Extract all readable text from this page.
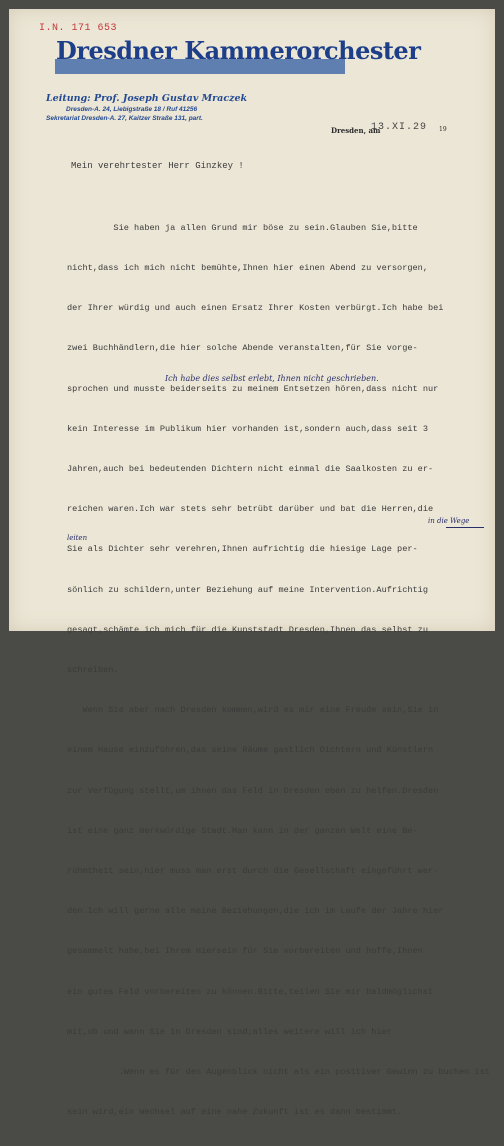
I.N. 171 653
Dresdner Kammerorchester
Leitung: Prof. Joseph Gustav Mraczek
Dresden-A. 24, Liebigstraße 18 / Ruf 41256
Sekretariat Dresden-A. 27, Kaitzer Straße 131, part.
Dresden, am
13.XI.29 19
Mein verehrtester Herr Ginzkey !

Sie haben ja allen Grund mir böse zu sein.Glauben Sie,bitte

nicht,dass ich mich nicht bemühte,Ihnen hier einen Abend zu versorgen,

der Ihrer würdig und auch einen Ersatz Ihrer Kosten verbürgt.Ich habe bei

zwei Buchhändlern,die hier solche Abende veranstalten,für Sie vorge-

sprochen und musste beiderseits zu meinem Entsetzen hören,dass nicht nur

kein Interesse im Publikum hier vorhanden ist,sondern auch,dass seit 3

Jahren,auch bei bedeutenden Dichtern nicht einmal die Saalkosten zu er-

reichen waren.Ich war stets sehr betrübt darüber und bat die Herren,die

Sie als Dichter sehr verehren,Ihnen aufrichtig die hiesige Lage per-

sönlich zu schildern,unter Beziehung auf meine Intervention.Aufrichtig

gesagt,schämte ich mich für die Kunststadt Dresden,Ihnen das selbst zu

schreiben.

Wenn Sie aber nach Dresden kommen,wird es mir eine Freude sein,Sie in

einem Hause einzuführen,das seine Räume gastlich Dichtern und Künstlern

zur Verfügung stellt,um ihnen das Feld in Dresden eben zu helfen.Dresden

ist eine ganz merkwürdige Stadt.Man kann in der ganzen Welt eine Be-

rühmtheit sein,hier muss man erst durch die Gesellschaft eingeführt wer-

den.Ich will gerne alle meine Beziehungen,die ich im Laufe der Jahre hier

gesammelt habe,bei Ihrem Hiersein für Sie vorbereiten und hoffe,Ihnen

ein gutes Feld vorbereiten zu können.Bitte,teilen Sie mir baldmöglichst

mit,ob und wann Sie in Dresden sind;alles weitere will ich hier

.Wenn es für den Augenblick nicht als ein positiver Gewinn zu buchen ist

sein wird,ein Wechsel auf eine nahe Zukunft ist es dann bestimmt.

Ich habe dies selbst erlebt, Ihnen nicht geschrieben.
in die Wege
leiten
